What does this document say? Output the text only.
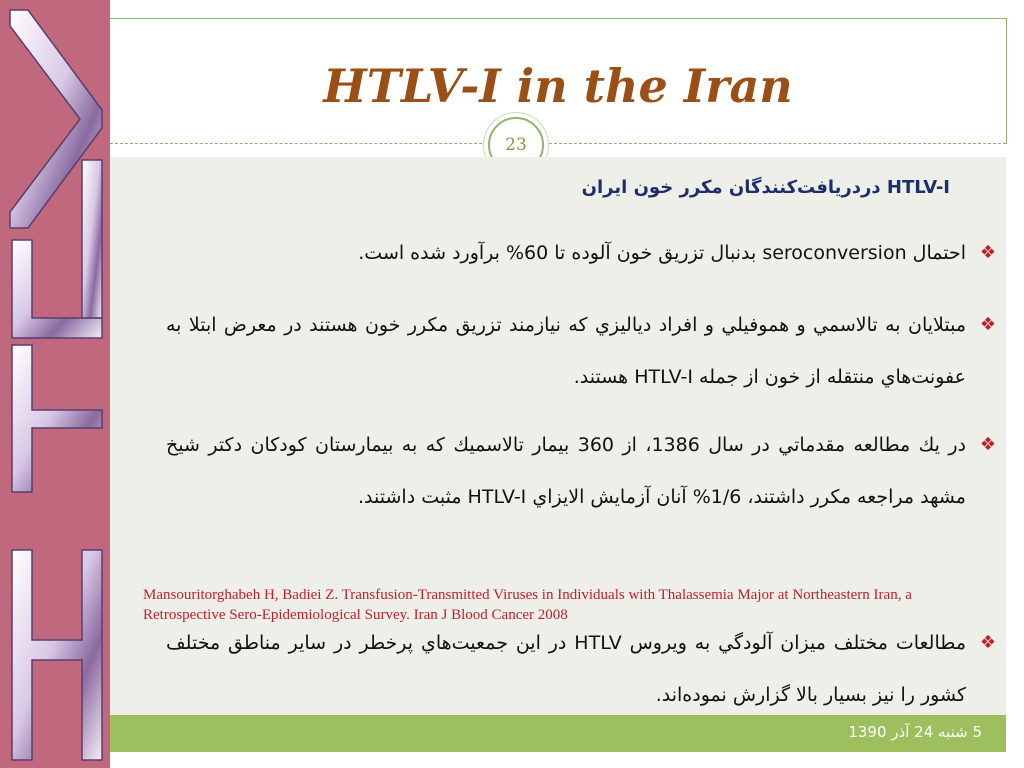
HTLV-I in the Iran
23
HTLV-I دردریافت‌کنندگان مکرر خون ایران
❖
احتمال seroconversion بدنبال تزریق خون آلوده تا 60% برآورد شده است.
❖
مبتلايان به تالاسمي و هموفيلي و افراد دياليزي که نيازمند تزريق مکرر خون هستند در معرض ابتلا به عفونت‌هاي منتقله از خون از جمله HTLV-I هستند.
❖
در يك مطالعه مقدماتي در سال 1386، از 360 بيمار تالاسميك كه به بيمارستان كودكان دكتر شيخ مشهد مراجعه مكرر داشتند، 1/6% آنان آزمايش الايزاي HTLV-I مثبت داشتند.
Mansouritorghabeh H, Badiei Z. Transfusion-Transmitted Viruses in Individuals with Thalassemia Major at Northeastern Iran, a Retrospective Sero-Epidemiological Survey. Iran J Blood Cancer 2008
❖
مطالعات مختلف ميزان آلودگي به ويروس HTLV در اين جمعيت‌هاي پرخطر در ساير مناطق مختلف كشور را نيز بسيار بالا گزارش نموده‌اند.
5 شنبه 24 آذر 1390
